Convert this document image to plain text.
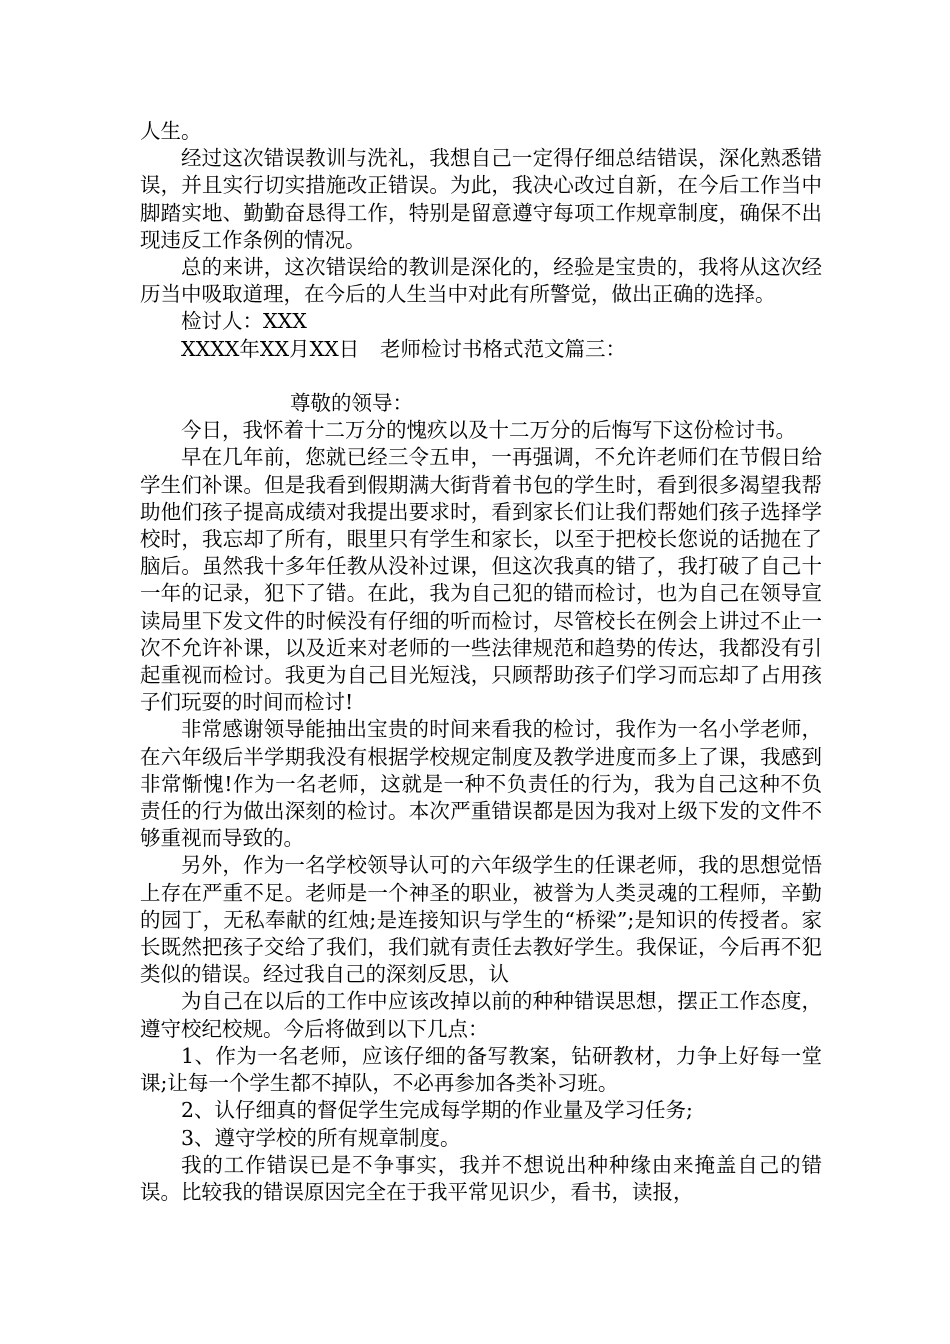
人生。

经过这次错误教训与洗礼，我想自己一定得仔细总结错误，深化熟悉错误，并且实行切实措施改正错误。为此，我决心改过自新，在今后工作当中脚踏实地、勤勤奋恳得工作，特别是留意遵守每项工作规章制度，确保不出现违反工作条例的情况。

总的来讲，这次错误给的教训是深化的，经验是宝贵的，我将从这次经历当中吸取道理，在今后的人生当中对此有所警觉，做出正确的选择。

检讨人：XXX

XXXX年XX月XX日 老师检讨书格式范文篇三：

尊敬的领导：

今日，我怀着十二万分的愧疚以及十二万分的后悔写下这份检讨书。

早在几年前，您就已经三令五申，一再强调，不允许老师们在节假日给学生们补课。但是我看到假期满大街背着书包的学生时，看到很多渴望我帮助他们孩子提高成绩对我提出要求时，看到家长们让我们帮她们孩子选择学校时，我忘却了所有，眼里只有学生和家长，以至于把校长您说的话抛在了脑后。虽然我十多年任教从没补过课，但这次我真的错了，我打破了自己十一年的记录，犯下了错。在此，我为自己犯的错而检讨，也为自己在领导宣读局里下发文件的时候没有仔细的听而检讨，尽管校长在例会上讲过不止一次不允许补课，以及近来对老师的一些法律规范和趋势的传达，我都没有引起重视而检讨。我更为自己目光短浅，只顾帮助孩子们学习而忘却了占用孩子们玩耍的时间而检讨!

非常感谢领导能抽出宝贵的时间来看我的检讨，我作为一名小学老师，在六年级后半学期我没有根据学校规定制度及教学进度而多上了课，我感到非常惭愧!作为一名老师，这就是一种不负责任的行为，我为自己这种不负责任的行为做出深刻的检讨。本次严重错误都是因为我对上级下发的文件不够重视而导致的。

另外，作为一名学校领导认可的六年级学生的任课老师，我的思想觉悟上存在严重不足。老师是一个神圣的职业，被誉为人类灵魂的工程师，辛勤的园丁，无私奉献的红烛;是连接知识与学生的“桥梁”;是知识的传授者。家长既然把孩子交给了我们，我们就有责任去教好学生。我保证，今后再不犯类似的错误。经过我自己的深刻反思，认

为自己在以后的工作中应该改掉以前的种种错误思想，摆正工作态度，遵守校纪校规。今后将做到以下几点：

1、作为一名老师，应该仔细的备写教案，钻研教材，力争上好每一堂课;让每一个学生都不掉队，不必再参加各类补习班。

2、认仔细真的督促学生完成每学期的作业量及学习任务;

3、遵守学校的所有规章制度。

我的工作错误已是不争事实，我并不想说出种种缘由来掩盖自己的错误。比较我的错误原因完全在于我平常见识少，看书，读报，
